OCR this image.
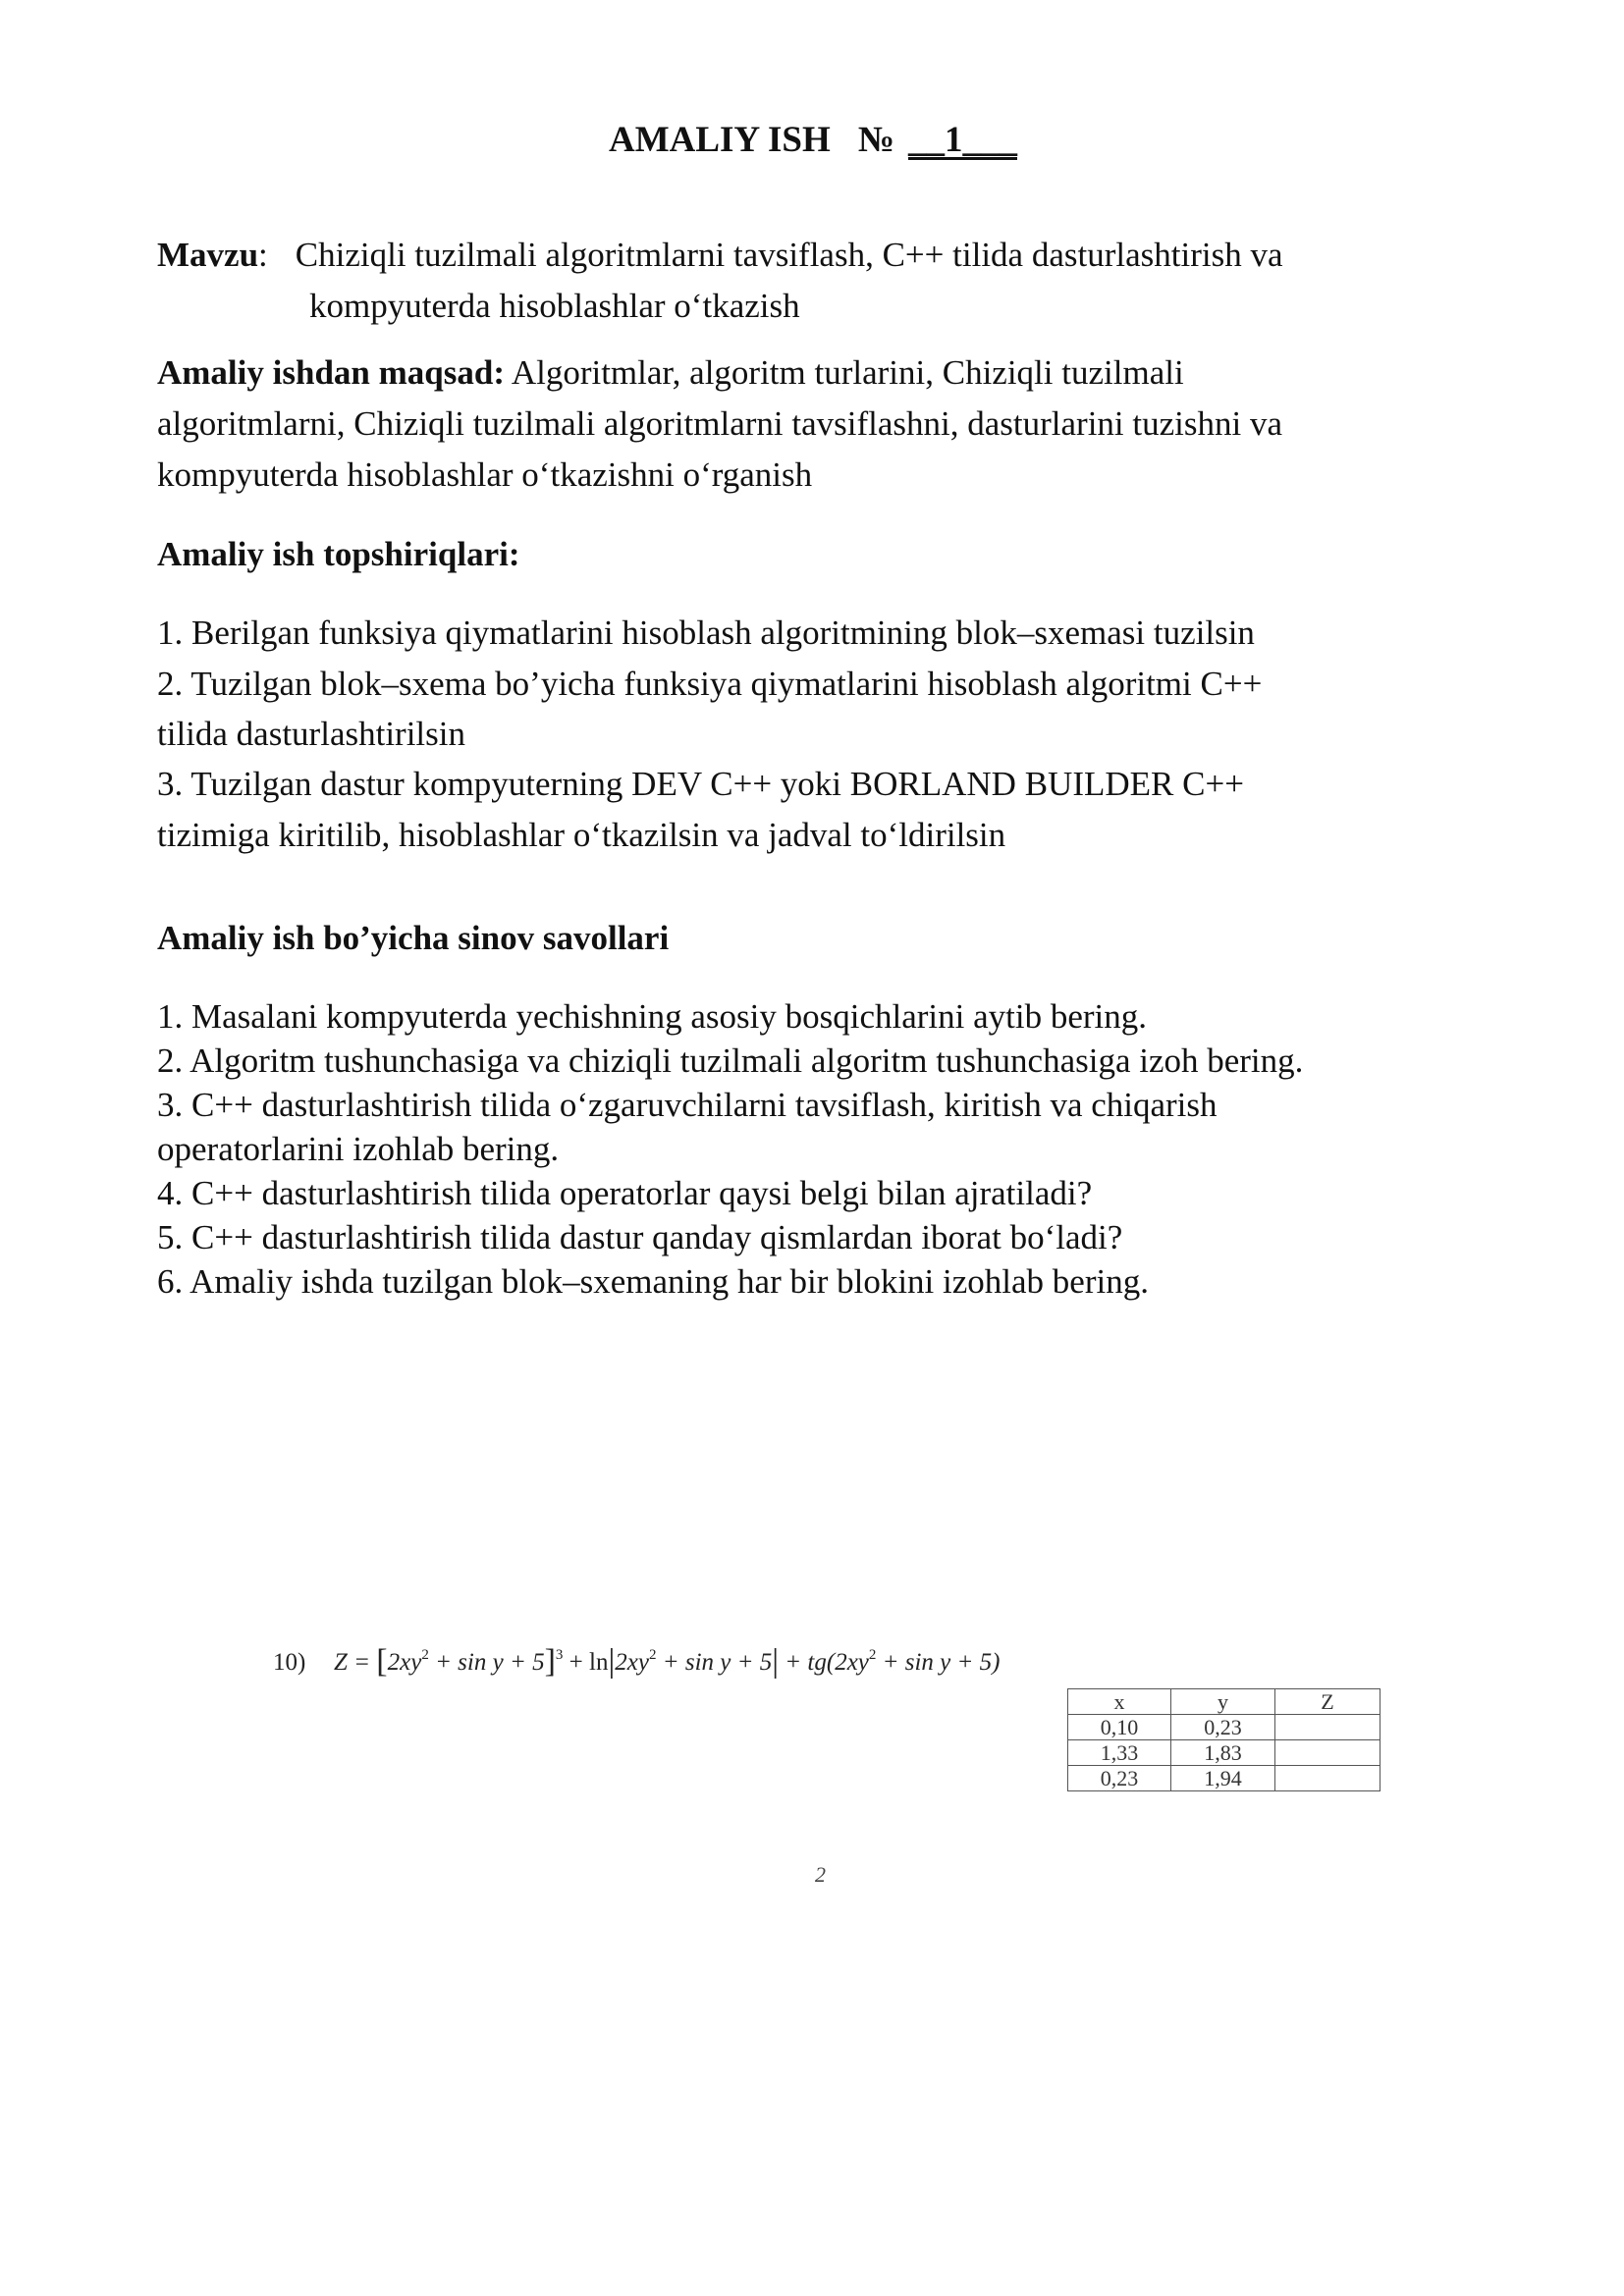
AMALIY ISH № __1___
Mavzu: Chiziqli tuzilmali algoritmlarni tavsiflash, C++ tilida dasturlashtirish va
kompyuterda hisoblashlar o‘tkazish
Amaliy ishdan maqsad: Algoritmlar, algoritm turlarini, Chiziqli tuzilmali
algoritmlarni, Chiziqli tuzilmali algoritmlarni tavsiflashni, dasturlarini tuzishni va
kompyuterda hisoblashlar o‘tkazishni o‘rganish
Amaliy ish topshiriqlari:
1. Berilgan funksiya qiymatlarini hisoblash algoritmining blok–sxemasi tuzilsin
2. Tuzilgan blok–sxema bo’yicha funksiya qiymatlarini hisoblash algoritmi C++
tilida dasturlashtirilsin
3. Tuzilgan dastur kompyuterning DEV C++ yoki BORLAND BUILDER C++
tizimiga kiritilib, hisoblashlar o‘tkazilsin va jadval to‘ldirilsin
Amaliy ish bo’yicha sinov savollari
1. Masalani kompyuterda yechishning asosiy bosqichlarini aytib bering.
2. Algoritm tushunchasiga va chiziqli tuzilmali algoritm tushunchasiga izoh bering.
3. C++ dasturlashtirish tilida o‘zgaruvchilarni tavsiflash, kiritish va chiqarish
operatorlarini izohlab bering.
4. C++ dasturlashtirish tilida operatorlar qaysi belgi bilan ajratiladi?
5. C++ dasturlashtirish tilida dastur qanday qismlardan iborat bo‘ladi?
6. Amaliy ishda tuzilgan blok–sxemaning har bir blokini izohlab bering.
10) $Z = [2xy^2 + \sin y + 5]^3 + \ln|2xy^2 + \sin y + 5| + tg(2xy^2 + \sin y + 5)$
x	y	Z
0,10	0,23	
1,33	1,83	
0,23	1,94	
2
